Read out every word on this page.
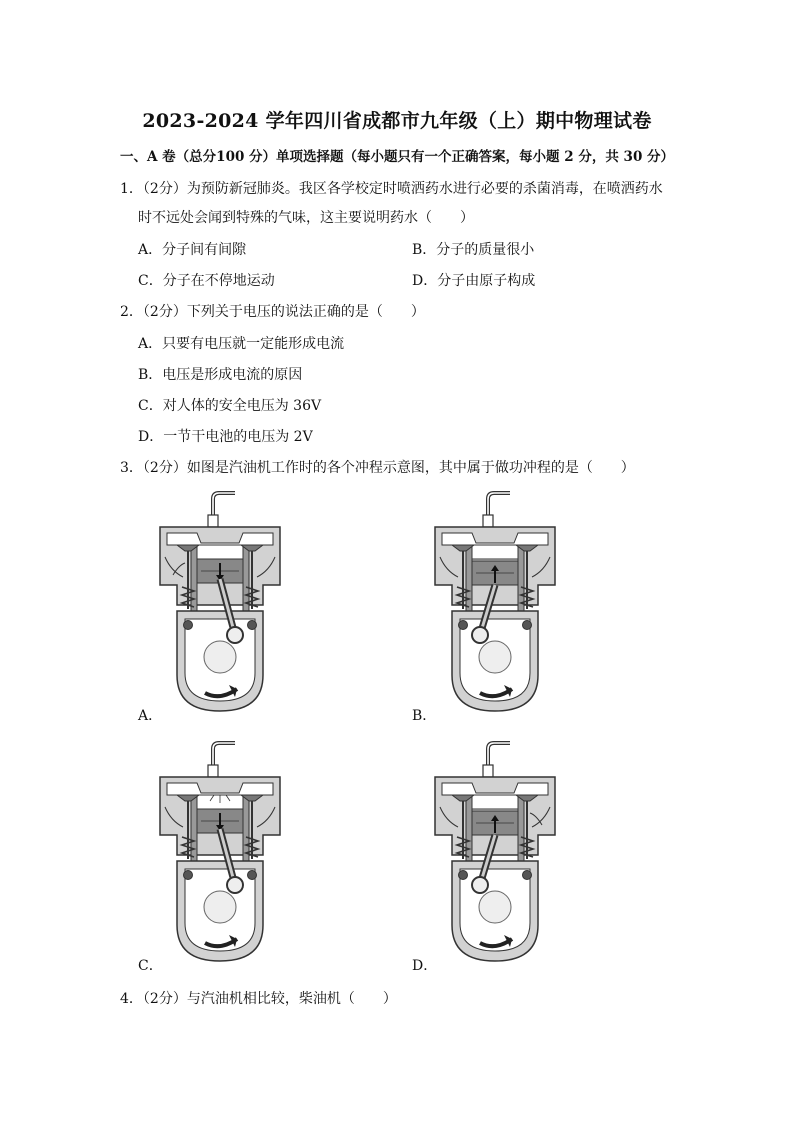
2023-2024 学年四川省成都市九年级（上）期中物理试卷
一、A 卷（总分100 分）单项选择题（每小题只有一个正确答案，每小题 2 分，共 30 分）
1．（2分）为预防新冠肺炎。我区各学校定时喷洒药水进行必要的杀菌消毒，在喷洒药水
时不远处会闻到特殊的气味，这主要说明药水（　　）
A．分子间有间隙	B．分子的质量很小
C．分子在不停地运动	D．分子由原子构成
2．（2分）下列关于电压的说法正确的是（　　）
A．只要有电压就一定能形成电流
B．电压是形成电流的原因
C．对人体的安全电压为 36V
D．一节干电池的电压为 2V
3．（2分）如图是汽油机工作时的各个冲程示意图，其中属于做功冲程的是（　　）
A．	B．
C．	D．
4．（2分）与汽油机相比较，柴油机（　　）
